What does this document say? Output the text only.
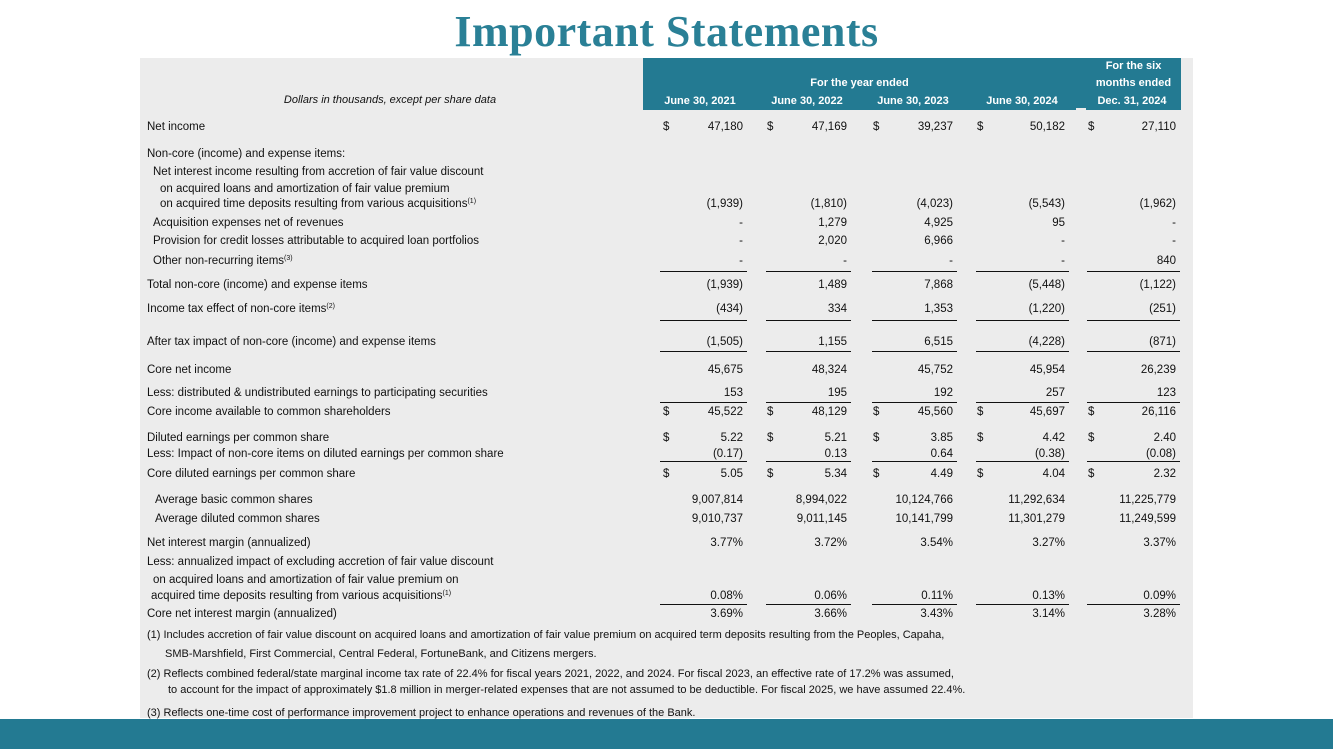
Important Statements
For the year ended
For the six
months ended
June 30, 2021	June 30, 2022	June 30, 2023	June 30, 2024	Dec. 31, 2024
Dollars in thousands, except per share data
Net income	$	47,180 $	47,169 $	39,237 $	50,182 $	27,110
Non-core (income) and expense items:
Net interest income resulting from accretion of fair value discount
on acquired loans and amortization of fair value premium
on acquired time deposits resulting from various acquisitions$^{(1)}$	(1,939)	(1,810)	(4,023)	(5,543)	(1,962)
Acquisition expenses net of revenues	-	1,279	4,925	95	-
Provision for credit losses attributable to acquired loan portfolios	-	2,020	6,966	-	-
Other non-recurring items$^{(3)}$	-	-	-	-	840
Total non-core (income) and expense items	(1,939)	1,489	7,868	(5,448)	(1,122)
Income tax effect of non-core items$^{(2)}$	(434)	334	1,353	(1,220)	(251)
After tax impact of non-core (income) and expense items	(1,505)	1,155	6,515	(4,228)	(871)
Core net income	45,675	48,324	45,752	45,954	26,239
Less: distributed & undistributed earnings to participating securities	153	195	192	257	123
Core income available to common shareholders	$	45,522 $	48,129 $	45,560 $	45,697 $	26,116
Diluted earnings per common share	$	5.22 $	5.21 $	3.85 $	4.42 $	2.40
Less: Impact of non-core items on diluted earnings per common share	(0.17)	0.13	0.64	(0.38)	(0.08)
Core diluted earnings per common share	$	5.05 $	5.34 $	4.49 $	4.04 $	2.32
Average basic common shares	9,007,814	8,994,022	10,124,766	11,292,634	11,225,779
Average diluted common shares	9,010,737	9,011,145	10,141,799	11,301,279	11,249,599
Net interest margin (annualized)	3.77%	3.72%	3.54%	3.27%	3.37%
Less: annualized impact of excluding accretion of fair value discount
on acquired loans and amortization of fair value premium on
acquired time deposits resulting from various acquisitions$^{(1)}$	0.08%	0.06%	0.11%	0.13%	0.09%
Core net interest margin (annualized)	3.69%	3.66%	3.43%	3.14%	3.28%
(1) Includes accretion of fair value discount on acquired loans and amortization of fair value premium on acquired term deposits resulting from the Peoples, Capaha,
SMB-Marshfield, First Commercial, Central Federal, FortuneBank, and Citizens mergers.
(2) Reflects combined federal/state marginal income tax rate of 22.4% for fiscal years 2021, 2022, and 2024. For fiscal 2023, an effective rate of 17.2% was assumed,
to account for the impact of approximately $1.8 million in merger-related expenses that are not assumed to be deductible. For fiscal 2025, we have assumed 22.4%.
(3) Reflects one-time cost of performance improvement project to enhance operations and revenues of the Bank.
